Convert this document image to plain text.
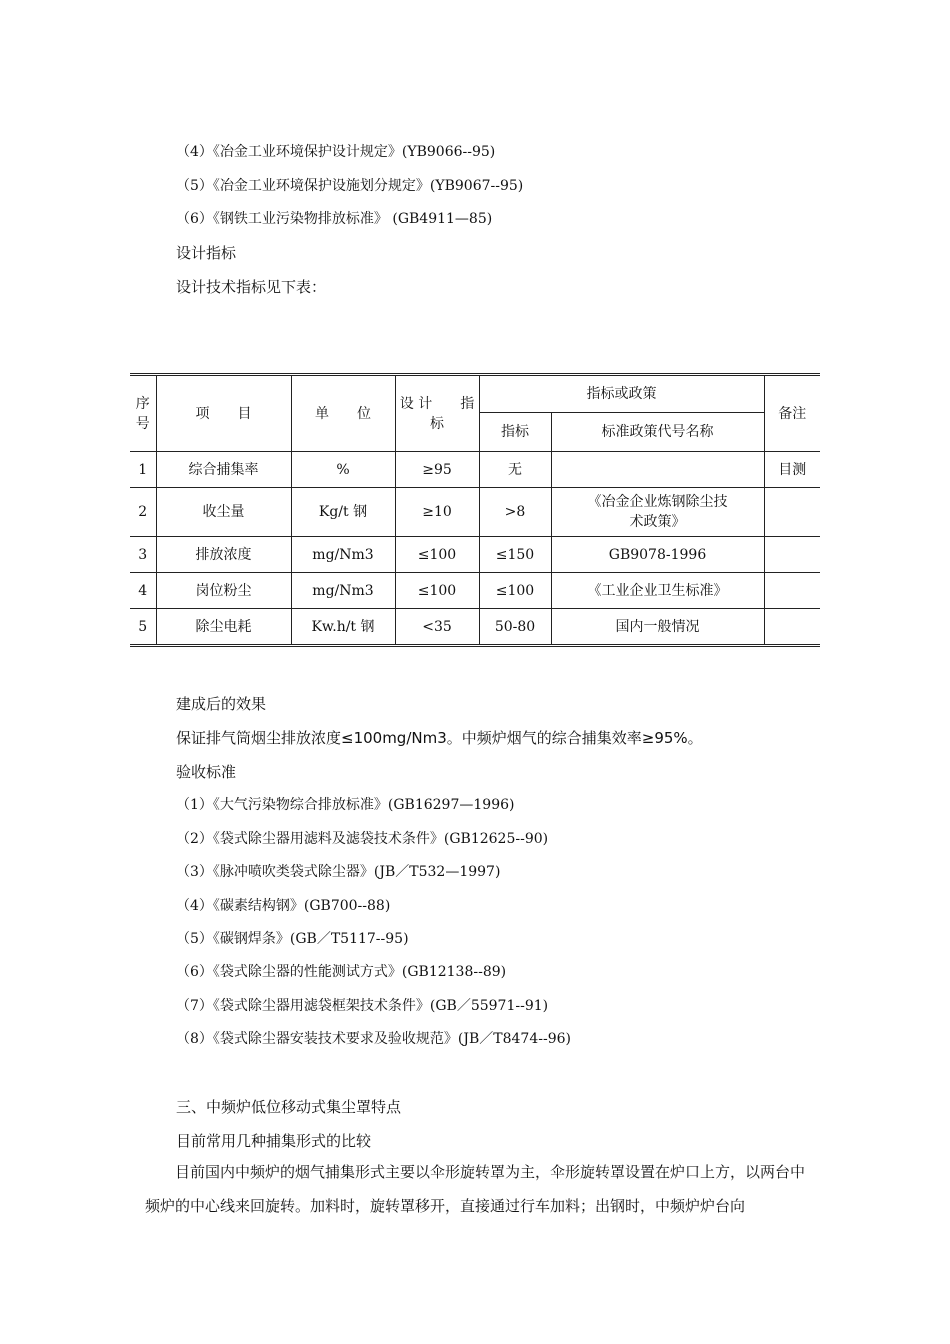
（4）《冶金工业环境保护设计规定》(YB9066--95)
（5）《冶金工业环境保护设施划分规定》(YB9067--95)
（6）《钢铁工业污染物排放标准》 (GB4911—85)
设计指标
设计技术指标见下表：
序号	项　　目	单　　位	设 计　　指标	指标或政策		备注
				指标	标准政策代号名称	
1	综合捕集率	%	≥95	无		目测
2	收尘量	Kg/t 钢	≥10	>8	《冶金企业炼钢除尘技术政策》	
3	排放浓度	mg/Nm3	≤100	≤150	GB9078-1996	
4	岗位粉尘	mg/Nm3	≤100	≤100	《工业企业卫生标准》	
5	除尘电耗	Kw.h/t 钢	<35	50-80	国内一般情况	
建成后的效果
保证排气筒烟尘排放浓度≤100mg/Nm3。中频炉烟气的综合捕集效率≥95%。
验收标准
（1）《大气污染物综合排放标准》(GB16297—1996)
（2）《袋式除尘器用滤料及滤袋技术条件》(GB12625--90)
（3）《脉冲喷吹类袋式除尘器》(JB／T532—1997)
（4）《碳素结构钢》(GB700--88)
（5）《碳钢焊条》(GB／T5117--95)
（6）《袋式除尘器的性能测试方式》(GB12138--89)
（7）《袋式除尘器用滤袋框架技术条件》(GB／55971--91)
（8）《袋式除尘器安装技术要求及验收规范》(JB／T8474--96)
三、中频炉低位移动式集尘罩特点
目前常用几种捕集形式的比较
目前国内中频炉的烟气捕集形式主要以伞形旋转罩为主，伞形旋转罩设置在炉口上方，以两台中频炉的中心线来回旋转。加料时，旋转罩移开，直接通过行车加料；出钢时，中频炉炉台向
